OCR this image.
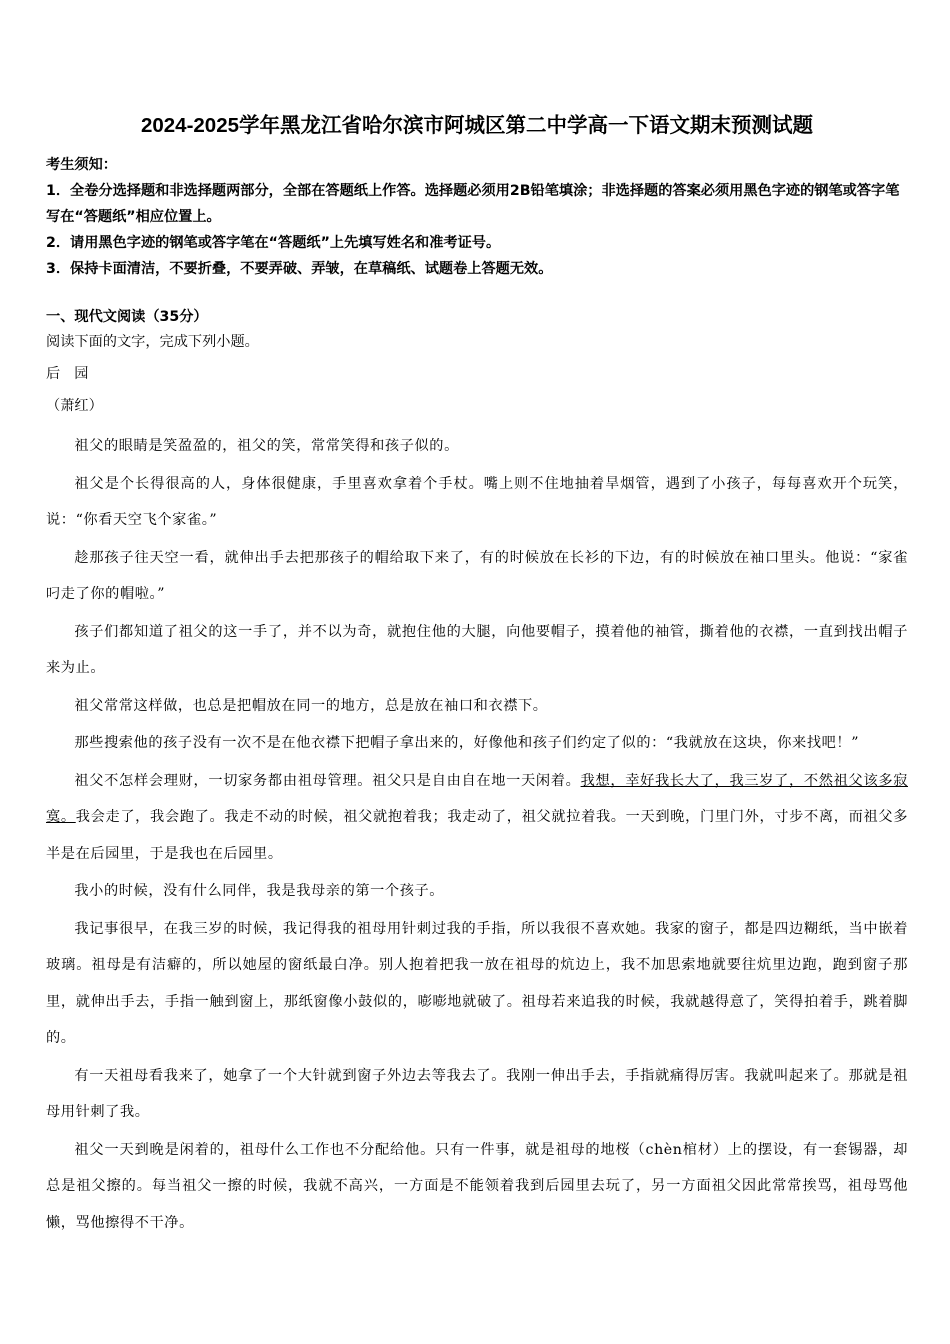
2024-2025学年黑龙江省哈尔滨市阿城区第二中学高一下语文期末预测试题

考生须知：

1．全卷分选择题和非选择题两部分，全部在答题纸上作答。选择题必须用2B铅笔填涂；非选择题的答案必须用黑色字迹的钢笔或答字笔写在“答题纸”相应位置上。

2．请用黑色字迹的钢笔或答字笔在“答题纸”上先填写姓名和准考证号。

3．保持卡面清洁，不要折叠，不要弄破、弄皱，在草稿纸、试题卷上答题无效。

一、现代文阅读（35分）

阅读下面的文字，完成下列小题。

后园

（萧红）

祖父的眼睛是笑盈盈的，祖父的笑，常常笑得和孩子似的。

祖父是个长得很高的人，身体很健康，手里喜欢拿着个手杖。嘴上则不住地抽着旱烟管，遇到了小孩子，每每喜欢开个玩笑，说：“你看天空飞个家雀。”

趁那孩子往天空一看，就伸出手去把那孩子的帽给取下来了，有的时候放在长衫的下边，有的时候放在袖口里头。他说：“家雀叼走了你的帽啦。”

孩子们都知道了祖父的这一手了，并不以为奇，就抱住他的大腿，向他要帽子，摸着他的袖管，撕着他的衣襟，一直到找出帽子来为止。

祖父常常这样做，也总是把帽放在同一的地方，总是放在袖口和衣襟下。

那些搜索他的孩子没有一次不是在他衣襟下把帽子拿出来的，好像他和孩子们约定了似的：“我就放在这块，你来找吧！”

祖父不怎样会理财，一切家务都由祖母管理。祖父只是自由自在地一天闲着。我想，幸好我长大了，我三岁了，不然祖父该多寂寞。我会走了，我会跑了。我走不动的时候，祖父就抱着我；我走动了，祖父就拉着我。一天到晚，门里门外，寸步不离，而祖父多半是在后园里，于是我也在后园里。

我小的时候，没有什么同伴，我是我母亲的第一个孩子。

我记事很早，在我三岁的时候，我记得我的祖母用针刺过我的手指，所以我很不喜欢她。我家的窗子，都是四边糊纸，当中嵌着玻璃。祖母是有洁癖的，所以她屋的窗纸最白净。别人抱着把我一放在祖母的炕边上，我不加思索地就要往炕里边跑，跑到窗子那里，就伸出手去，手指一触到窗上，那纸窗像小鼓似的，嘭嘭地就破了。祖母若来追我的时候，我就越得意了，笑得拍着手，跳着脚的。

有一天祖母看我来了，她拿了一个大针就到窗子外边去等我去了。我刚一伸出手去，手指就痛得厉害。我就叫起来了。那就是祖母用针刺了我。

祖父一天到晚是闲着的，祖母什么工作也不分配给他。只有一件事，就是祖母的地桜（chèn棺材）上的摆设，有一套锡器，却总是祖父擦的。每当祖父一擦的时候，我就不高兴，一方面是不能领着我到后园里去玩了，另一方面祖父因此常常挨骂，祖母骂他懒，骂他擦得不干净。
